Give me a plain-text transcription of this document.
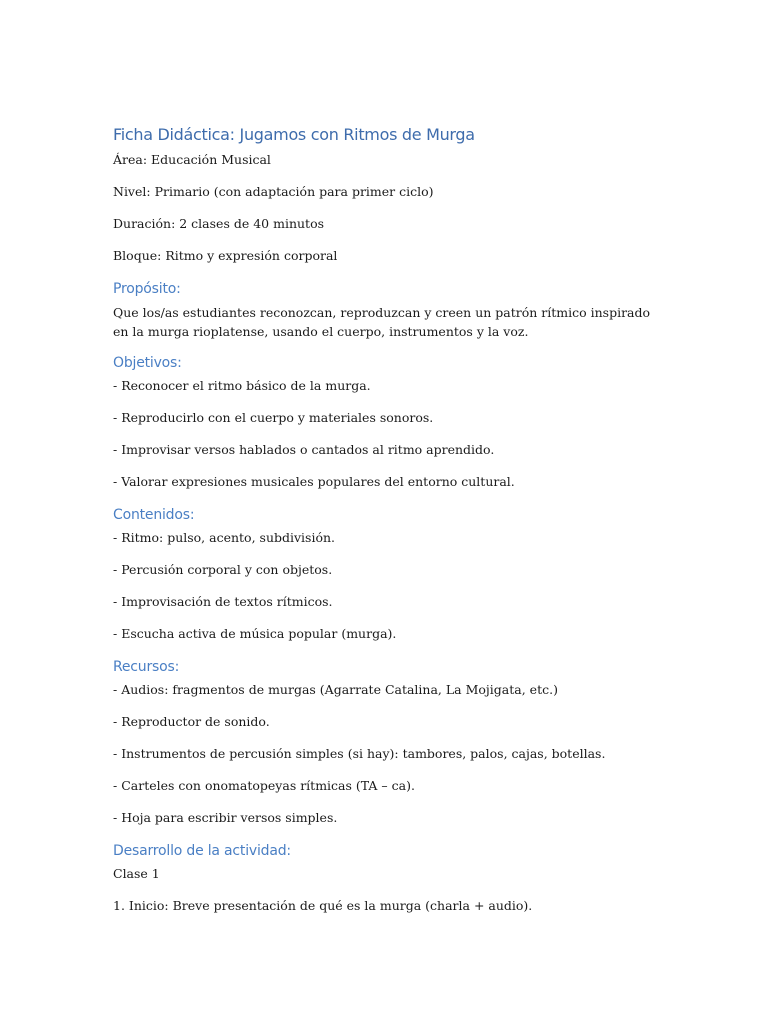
Ficha Didáctica: Jugamos con Ritmos de Murga

Área: Educación Musical

Nivel: Primario (con adaptación para primer ciclo)

Duración: 2 clases de 40 minutos

Bloque: Ritmo y expresión corporal

Propósito:

Que los/as estudiantes reconozcan, reproduzcan y creen un patrón rítmico inspirado en la murga rioplatense, usando el cuerpo, instrumentos y la voz.

Objetivos:

- Reconocer el ritmo básico de la murga.

- Reproducirlo con el cuerpo y materiales sonoros.

- Improvisar versos hablados o cantados al ritmo aprendido.

- Valorar expresiones musicales populares del entorno cultural.

Contenidos:

- Ritmo: pulso, acento, subdivisión.

- Percusión corporal y con objetos.

- Improvisación de textos rítmicos.

- Escucha activa de música popular (murga).

Recursos:

- Audios: fragmentos de murgas (Agarrate Catalina, La Mojigata, etc.)

- Reproductor de sonido.

- Instrumentos de percusión simples (si hay): tambores, palos, cajas, botellas.

- Carteles con onomatopeyas rítmicas (TA – ca).

- Hoja para escribir versos simples.

Desarrollo de la actividad:

Clase 1

1. Inicio: Breve presentación de qué es la murga (charla + audio).
